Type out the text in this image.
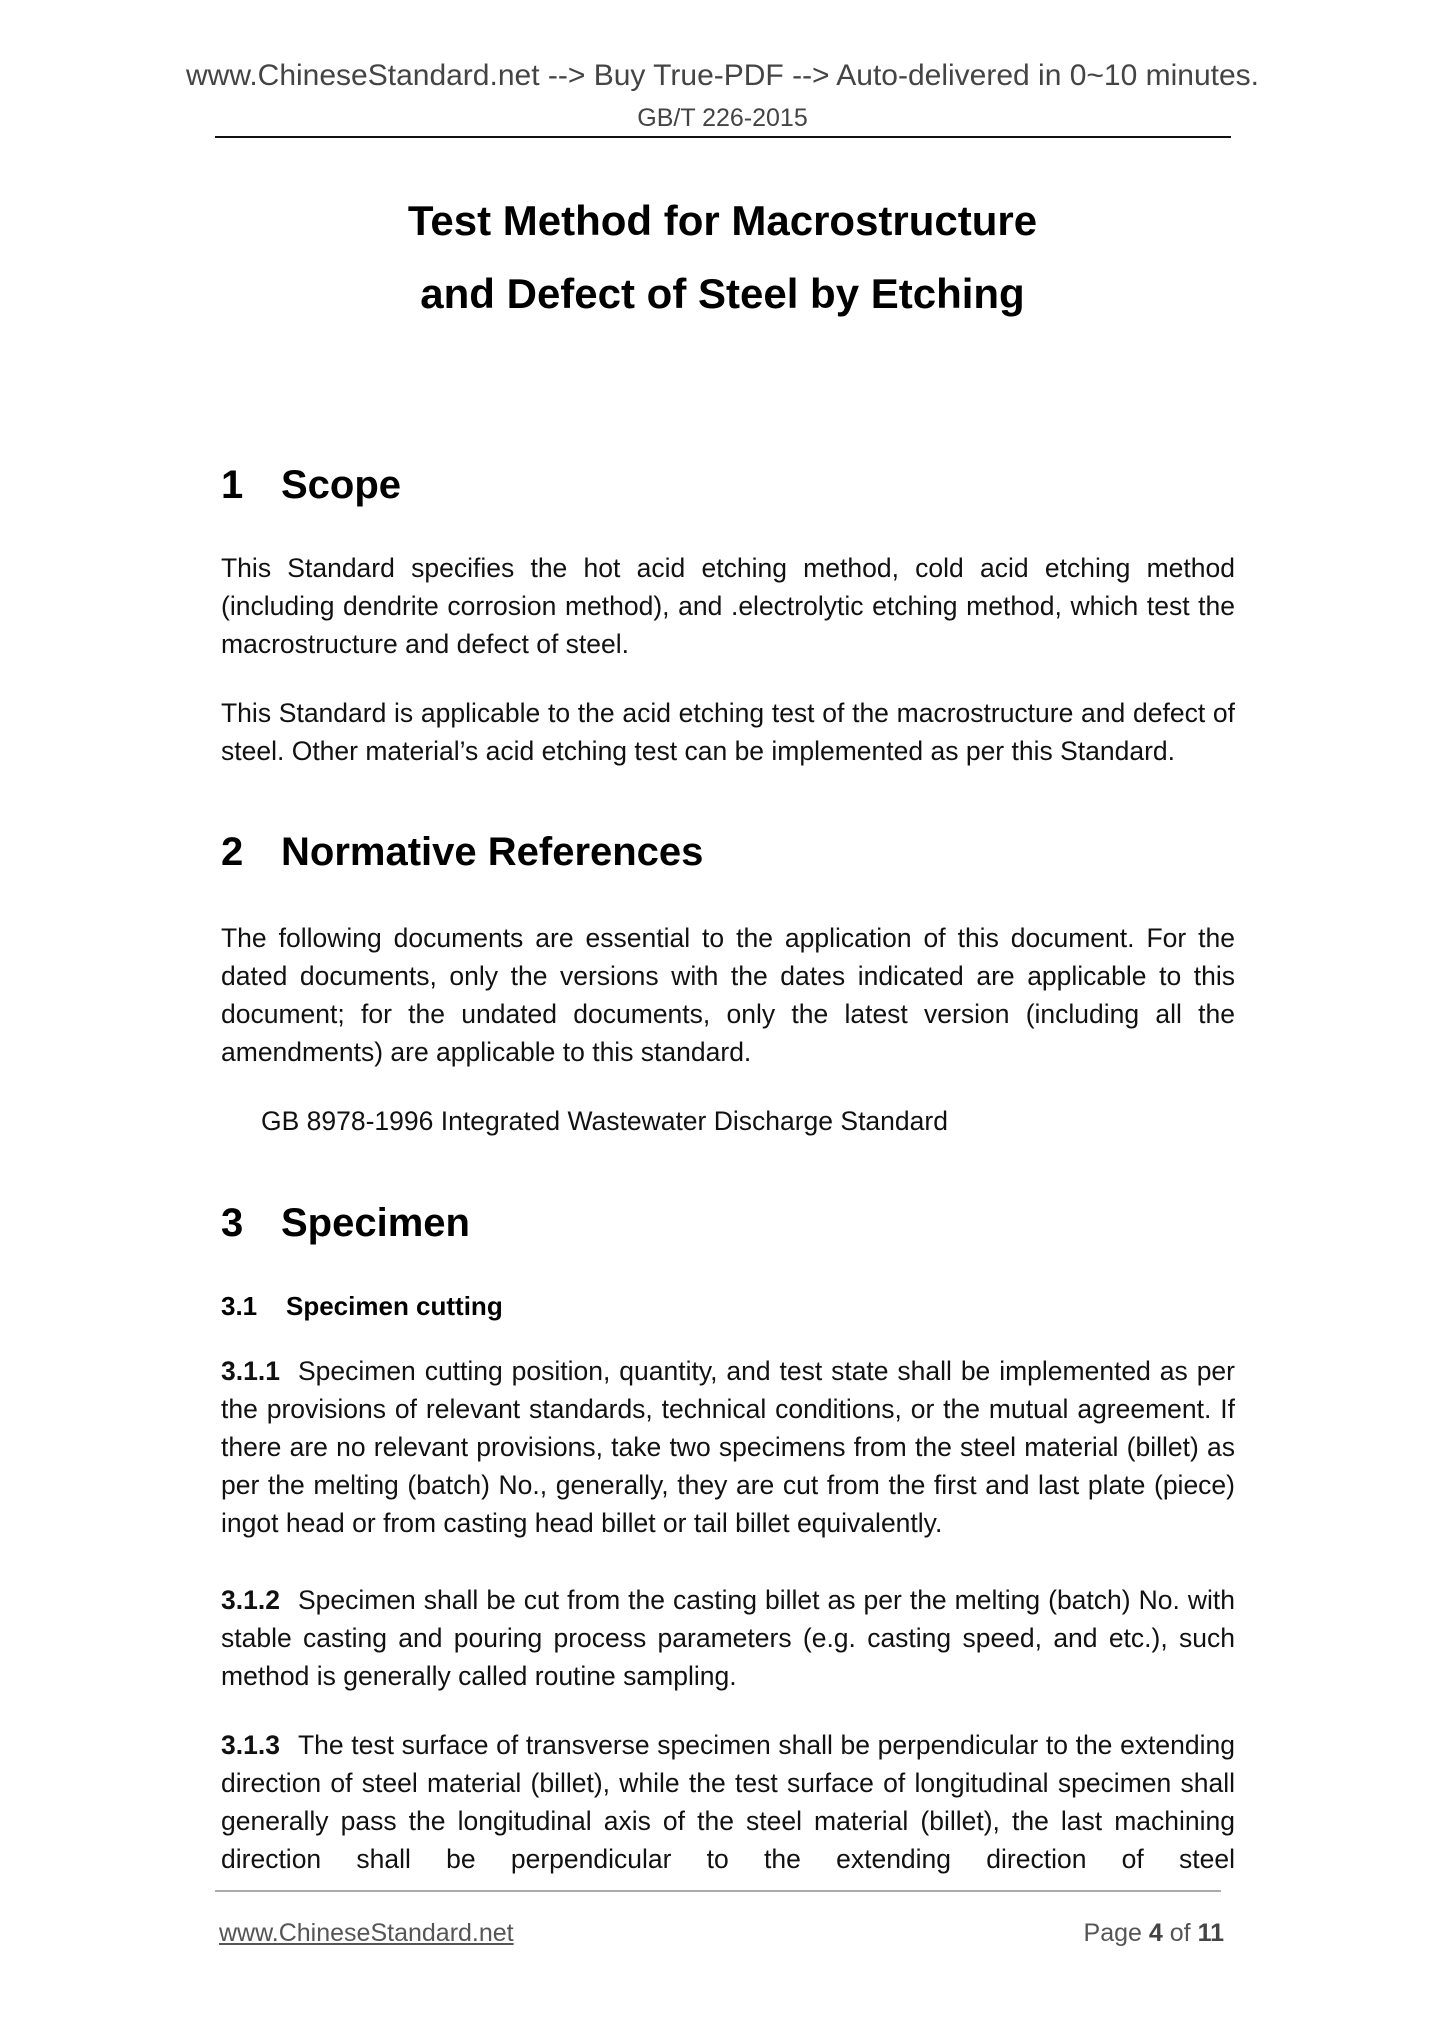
www.ChineseStandard.net --> Buy True-PDF --> Auto-delivered in 0~10 minutes.
GB/T 226-2015
Test Method for Macrostructure
and Defect of Steel by Etching
1 Scope
This Standard specifies the hot acid etching method, cold acid etching method (including dendrite corrosion method), and .electrolytic etching method, which test the macrostructure and defect of steel.
This Standard is applicable to the acid etching test of the macrostructure and defect of steel. Other material’s acid etching test can be implemented as per this Standard.
2 Normative References
The following documents are essential to the application of this document. For the dated documents, only the versions with the dates indicated are applicable to this document; for the undated documents, only the latest version (including all the amendments) are applicable to this standard.
GB 8978-1996 Integrated Wastewater Discharge Standard
3 Specimen
3.1 Specimen cutting
3.1.1 Specimen cutting position, quantity, and test state shall be implemented as per the provisions of relevant standards, technical conditions, or the mutual agreement. If there are no relevant provisions, take two specimens from the steel material (billet) as per the melting (batch) No., generally, they are cut from the first and last plate (piece) ingot head or from casting head billet or tail billet equivalently.
3.1.2 Specimen shall be cut from the casting billet as per the melting (batch) No. with stable casting and pouring process parameters (e.g. casting speed, and etc.), such method is generally called routine sampling.
3.1.3 The test surface of transverse specimen shall be perpendicular to the extending direction of steel material (billet), while the test surface of longitudinal specimen shall generally pass the longitudinal axis of the steel material (billet), the last machining direction shall be perpendicular to the extending direction of steel
www.ChineseStandard.net	Page 4 of 11
